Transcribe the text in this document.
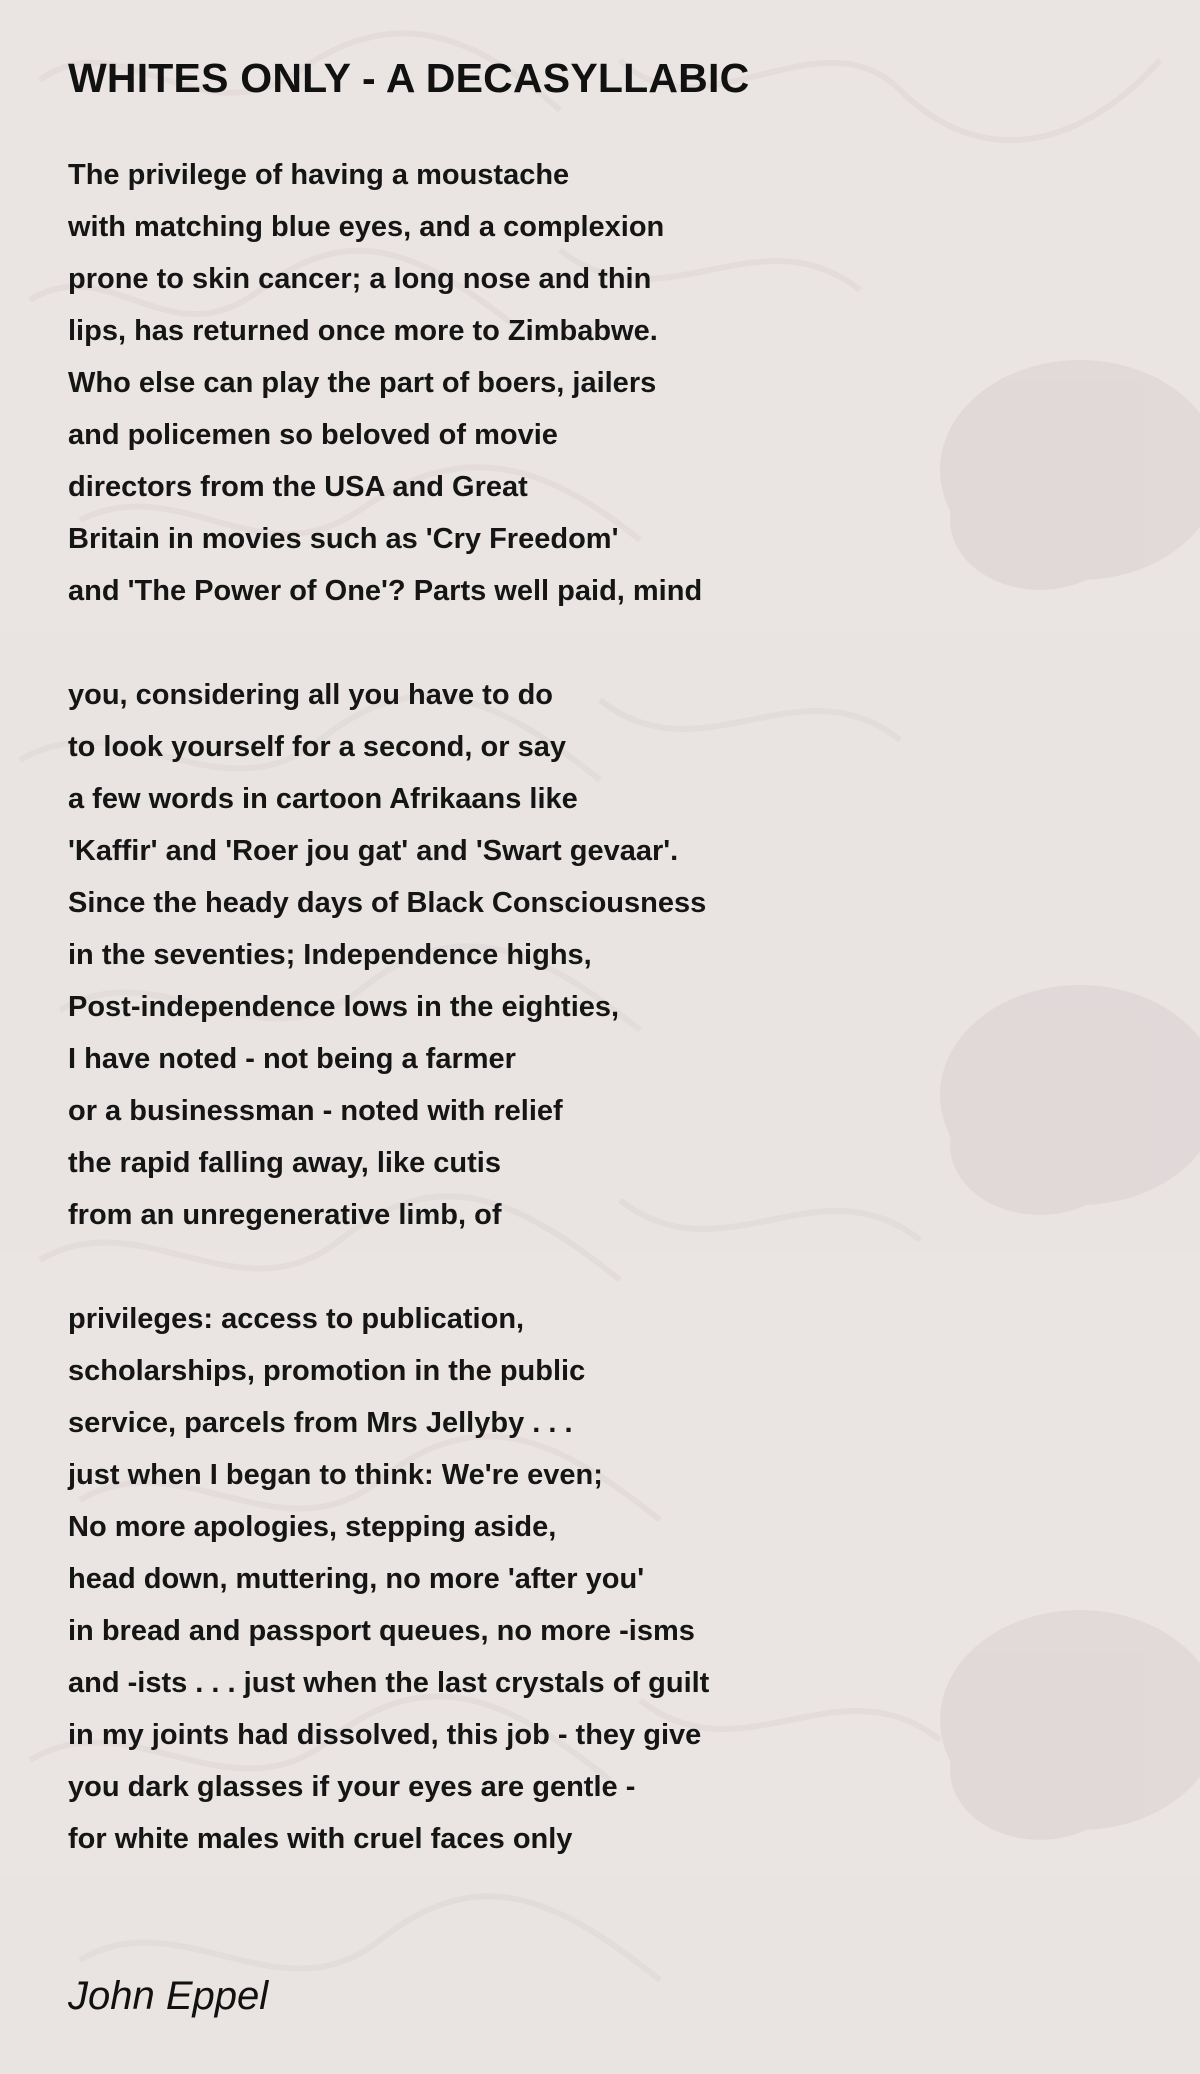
WHITES ONLY - A DECASYLLABIC

The privilege of having a moustache
with matching blue eyes, and a complexion
prone to skin cancer; a long nose and thin
lips, has returned once more to Zimbabwe.
Who else can play the part of boers, jailers
and policemen so beloved of movie
directors from the USA and Great
Britain in movies such as 'Cry Freedom'
and 'The Power of One'? Parts well paid, mind

you, considering all you have to do
to look yourself for a second, or say
a few words in cartoon Afrikaans like
'Kaffir' and 'Roer jou gat' and 'Swart gevaar'.
Since the heady days of Black Consciousness
in the seventies; Independence highs,
Post-independence lows in the eighties,
I have noted - not being a farmer
or a businessman - noted with relief
the rapid falling away, like cutis
from an unregenerative limb, of

privileges: access to publication,
scholarships, promotion in the public
service, parcels from Mrs Jellyby . . .
just when I began to think: We're even;
No more apologies, stepping aside,
head down, muttering, no more 'after you'
in bread and passport queues, no more -isms
and -ists . . . just when the last crystals of guilt
in my joints had dissolved, this job - they give
you dark glasses if your eyes are gentle -
for white males with cruel faces only

John Eppel
